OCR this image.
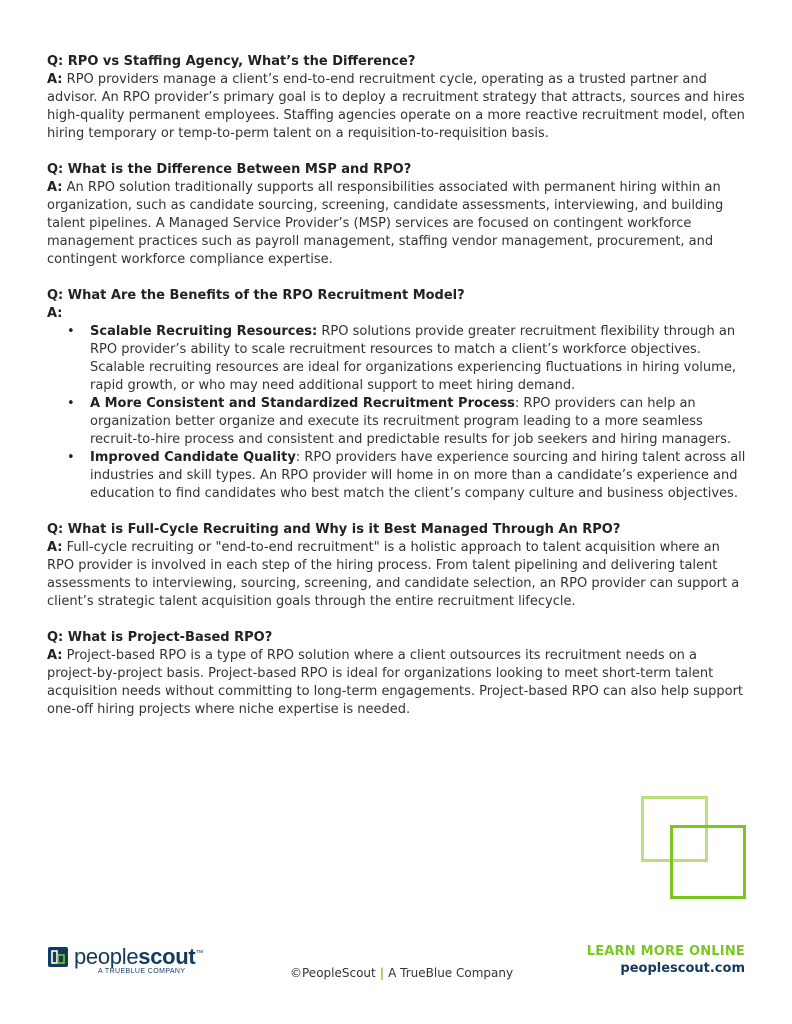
Q: RPO vs Staffing Agency, What’s the Difference?
A: RPO providers manage a client’s end-to-end recruitment cycle, operating as a trusted partner and advisor. An RPO provider’s primary goal is to deploy a recruitment strategy that attracts, sources and hires high-quality permanent employees. Staffing agencies operate on a more reactive recruitment model, often hiring temporary or temp-to-perm talent on a requisition-to-requisition basis.
Q: What is the Difference Between MSP and RPO?
A: An RPO solution traditionally supports all responsibilities associated with permanent hiring within an organization, such as candidate sourcing, screening, candidate assessments, interviewing, and building talent pipelines. A Managed Service Provider’s (MSP) services are focused on contingent workforce management practices such as payroll management, staffing vendor management, procurement, and contingent workforce compliance expertise.
Q: What Are the Benefits of the RPO Recruitment Model?
A:
• Scalable Recruiting Resources: RPO solutions provide greater recruitment flexibility through an RPO provider’s ability to scale recruitment resources to match a client’s workforce objectives. Scalable recruiting resources are ideal for organizations experiencing fluctuations in hiring volume, rapid growth, or who may need additional support to meet hiring demand.
• A More Consistent and Standardized Recruitment Process: RPO providers can help an organization better organize and execute its recruitment program leading to a more seamless recruit-to-hire process and consistent and predictable results for job seekers and hiring managers.
• Improved Candidate Quality: RPO providers have experience sourcing and hiring talent across all industries and skill types. An RPO provider will home in on more than a candidate’s experience and education to find candidates who best match the client’s company culture and business objectives.
Q: What is Full-Cycle Recruiting and Why is it Best Managed Through An RPO?
A: Full-cycle recruiting or "end-to-end recruitment" is a holistic approach to talent acquisition where an RPO provider is involved in each step of the hiring process. From talent pipelining and delivering talent assessments to interviewing, sourcing, screening, and candidate selection, an RPO provider can support a client’s strategic talent acquisition goals through the entire recruitment lifecycle.
Q: What is Project-Based RPO?
A: Project-based RPO is a type of RPO solution where a client outsources its recruitment needs on a project-by-project basis. Project-based RPO is ideal for organizations looking to meet short-term talent acquisition needs without committing to long-term engagements. Project-based RPO can also help support one-off hiring projects where niche expertise is needed.
peoplescout™
A TRUEBLUE COMPANY	©PeopleScout | A TrueBlue Company
LEARN MORE ONLINE
peoplescout.com
